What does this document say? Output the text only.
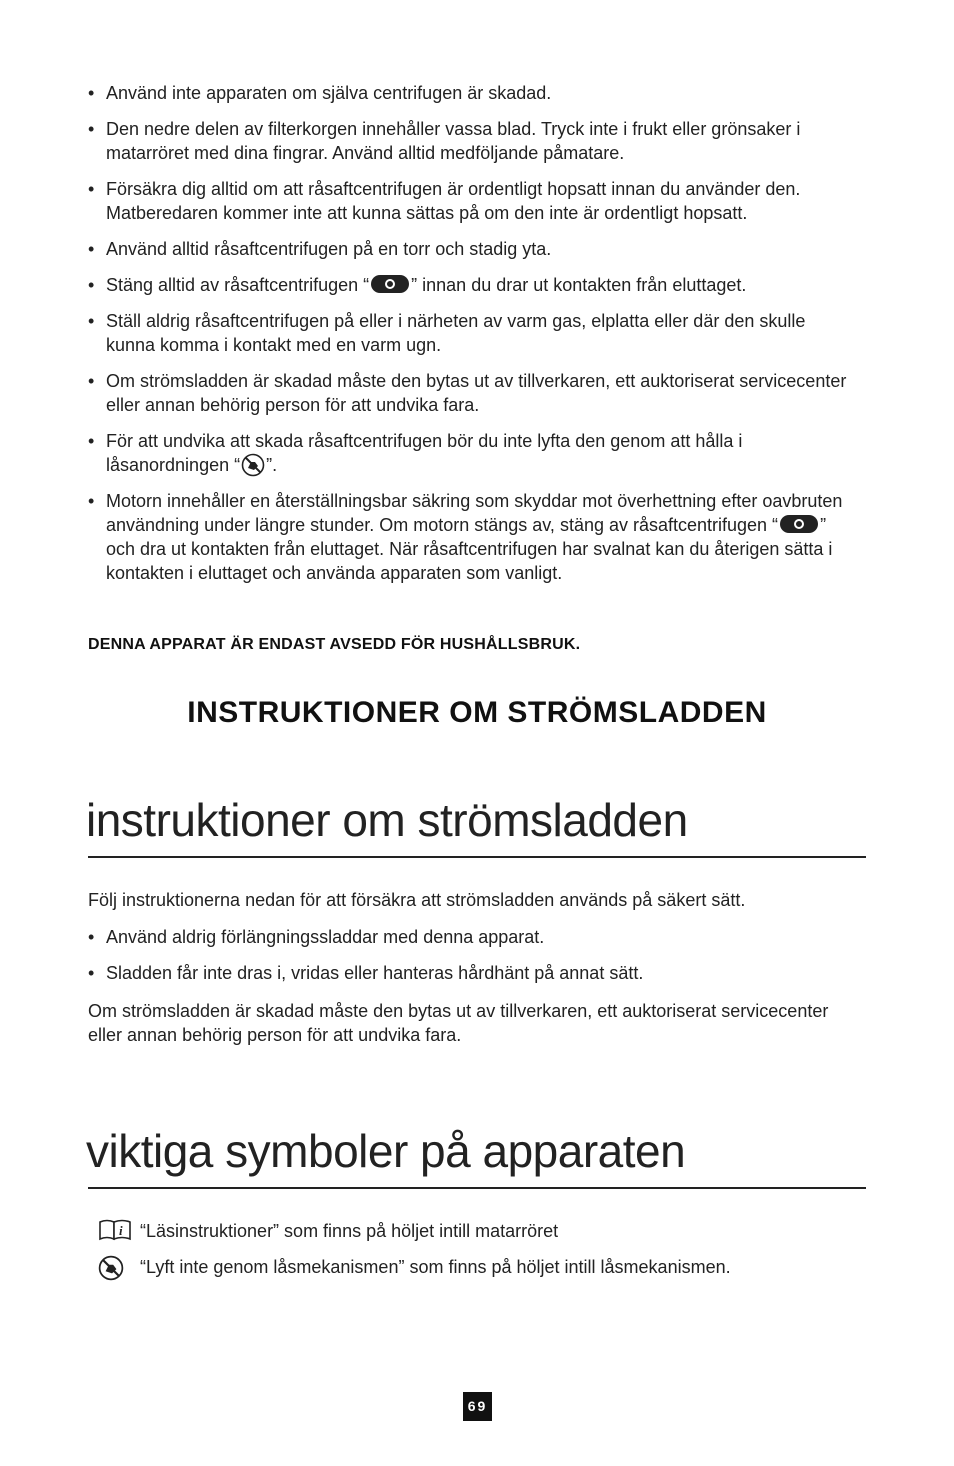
• Använd inte apparaten om själva centrifugen är skadad.
• Den nedre delen av filterkorgen innehåller vassa blad. Tryck inte i frukt eller grönsaker i matarröret med dina fingrar. Använd alltid medföljande påmatare.
• Försäkra dig alltid om att råsaftcentrifugen är ordentligt hopsatt innan du använder den. Matberedaren kommer inte att kunna sättas på om den inte är ordentligt hopsatt.
• Använd alltid råsaftcentrifugen på en torr och stadig yta.
• Stäng alltid av råsaftcentrifugen “ ” innan du drar ut kontakten från eluttaget.
• Ställ aldrig råsaftcentrifugen på eller i närheten av varm gas, elplatta eller där den skulle kunna komma i kontakt med en varm ugn.
• Om strömsladden är skadad måste den bytas ut av tillverkaren, ett auktoriserat servicecenter eller annan behörig person för att undvika fara.
• För att undvika att skada råsaftcentrifugen bör du inte lyfta den genom att hålla i låsanordningen “ ”.
• Motorn innehåller en återställningsbar säkring som skyddar mot överhettning efter oavbruten användning under längre stunder. Om motorn stängs av, stäng av råsaftcentrifugen “ ” och dra ut kontakten från eluttaget. När råsaftcentrifugen har svalnat kan du återigen sätta i kontakten i eluttaget och använda apparaten som vanligt.
DENNA APPARAT ÄR ENDAST AVSEDD FÖR HUSHÅLLSBRUK.
INSTRUKTIONER OM STRÖMSLADDEN
instruktioner om strömsladden
Följ instruktionerna nedan för att försäkra att strömsladden används på säkert sätt.
• Använd aldrig förlängningssladdar med denna apparat.
• Sladden får inte dras i, vridas eller hanteras hårdhänt på annat sätt.
Om strömsladden är skadad måste den bytas ut av tillverkaren, ett auktoriserat servicecenter eller annan behörig person för att undvika fara.
viktiga symboler på apparaten
i “Läsinstruktioner” som finns på höljet intill matarröret
“Lyft inte genom låsmekanismen” som finns på höljet intill låsmekanismen.
69
